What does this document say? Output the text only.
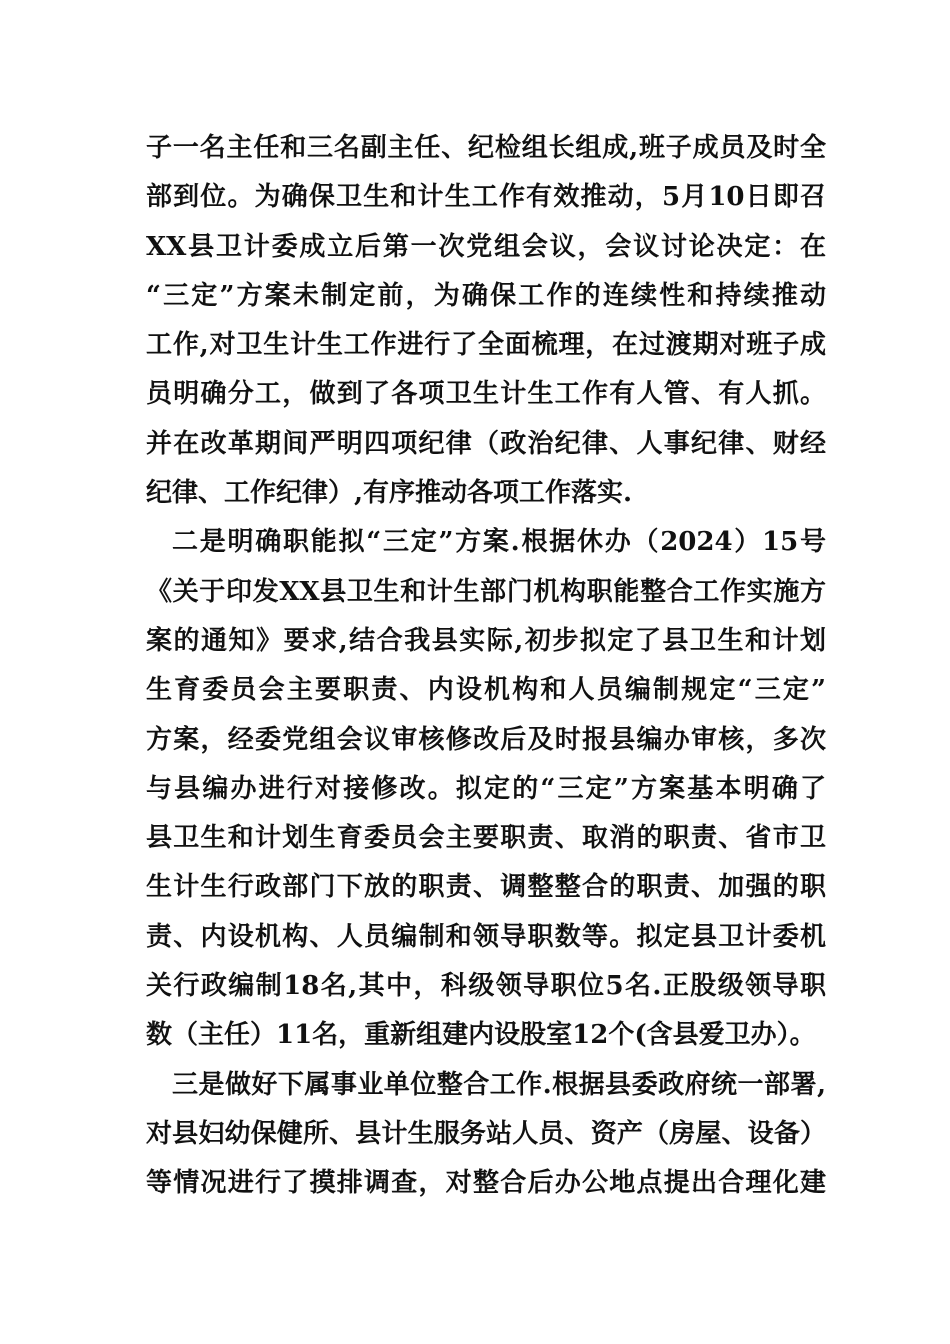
子一名主任和三名副主任、纪检组长组成,班子成员及时全
部到位。为确保卫生和计生工作有效推动，5月10日即召
XX县卫计委成立后第一次党组会议，会议讨论决定：在
“三定”方案未制定前，为确保工作的连续性和持续推动
工作,对卫生计生工作进行了全面梳理，在过渡期对班子成
员明确分工，做到了各项卫生计生工作有人管、有人抓。
并在改革期间严明四项纪律（政治纪律、人事纪律、财经
纪律、工作纪律）,有序推动各项工作落实.
二是明确职能拟“三定”方案.根据休办（2024）15号
《关于印发XX县卫生和计生部门机构职能整合工作实施方
案的通知》要求,结合我县实际,初步拟定了县卫生和计划
生育委员会主要职责、内设机构和人员编制规定“三定”
方案，经委党组会议审核修改后及时报县编办审核，多次
与县编办进行对接修改。拟定的“三定”方案基本明确了
县卫生和计划生育委员会主要职责、取消的职责、省市卫
生计生行政部门下放的职责、调整整合的职责、加强的职
责、内设机构、人员编制和领导职数等。拟定县卫计委机
关行政编制18名,其中，科级领导职位5名.正股级领导职
数（主任）11名，重新组建内设股室12个(含县爱卫办）。
三是做好下属事业单位整合工作.根据县委政府统一部署,
对县妇幼保健所、县计生服务站人员、资产（房屋、设备）
等情况进行了摸排调查，对整合后办公地点提出合理化建
